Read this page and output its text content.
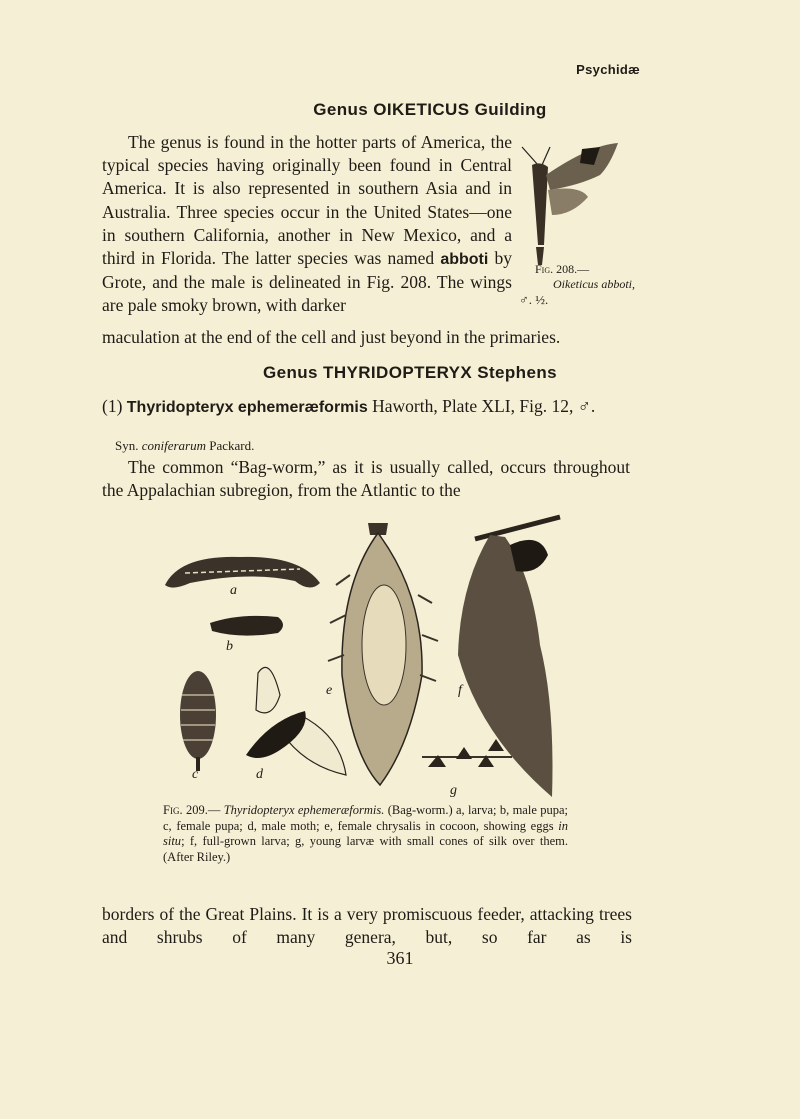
Psychidæ
Genus OIKETICUS Guilding

The genus is found in the hotter parts of America, the typical species having originally been found in Central America. It is also represented in southern Asia and in Australia. Three species occur in the United States—one in southern California, another in New Mexico, and a third in Florida. The latter species was named abboti by Grote, and the male is delineated in Fig. 208. The wings are pale smoky brown, with darker

maculation at the end of the cell and just beyond in the primaries.
Fig. 208.—
Oiketicus abboti,
♂. ½.
Genus THYRIDOPTERYX Stephens
(1) Thyridopteryx ephemeræformis Haworth, Plate XLI, Fig. 12, ♂.
Syn. coniferarum Packard.

The common “Bag-worm,” as it is usually called, occurs throughout the Appalachian subregion, from the Atlantic to the

a
b
c	d
e	f
g
Fig. 209.— Thyridopteryx ephemeræformis. (Bag-worm.) a, larva; b, male pupa; c, female pupa; d, male moth; e, female chrysalis in cocoon, showing eggs in situ; f, full-grown larva; g, young larvæ with small cones of silk over them. (After Riley.)
borders of the Great Plains. It is a very promiscuous feeder, attacking trees and shrubs of many genera, but, so far as is
361
